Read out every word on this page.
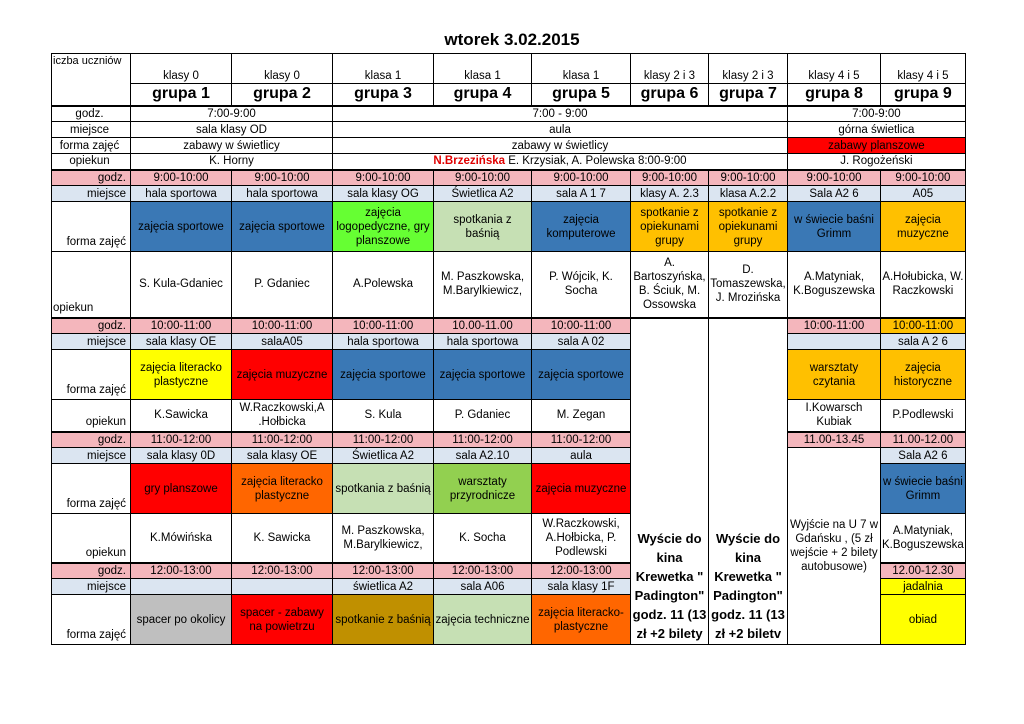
wtorek 3.02.2015
iczba uczniów	klasy 0	klasy 0	klasa 1	klasa 1	klasa 1	klasy 2 i 3	klasy 2 i 3	klasy 4 i 5	klasy 4 i 5

	grupa 1	grupa 2	grupa 3	grupa 4	grupa 5	grupa 6	grupa 7	grupa 8	grupa 9
godz.	7:00-9:00		7:00 - 9:00					7:00-9:00	
miejsce	sala klasy OD		aula					górna świetlica	
forma zajęć	zabawy w świetlicy		zabawy w świetlicy					zabawy planszowe	
opiekun	K. Horny		N.Brzezińska E. Krzysiak, A. Polewska 8:00-9:00					J. Rogożeński	
godz.	9:00-10:00	9:00-10:00	9:00-10:00	9:00-10:00	9:00-10:00	9:00-10:00	9:00-10:00	9:00-10:00	9:00-10:00
miejsce	hala sportowa	hala sportowa	sala klasy OG	Świetlica A2	sala A 1 7	klasy A. 2.3	klasa A.2.2	Sala A2 6	A05
forma zajęć	zajęcia sportowe	zajęcia sportowe	zajęcia logopedyczne, gry planszowe	spotkania z baśnią	zajęcia komputerowe	spotkanie z opiekunami grupy	spotkanie z opiekunami grupy	w świecie baśni Grimm	zajęcia muzyczne
opiekun	S. Kula-Gdaniec	P. Gdaniec	A.Polewska	M. Paszkowska, M.Barylkiewicz,	P. Wójcik, K. Socha	A. Bartoszyńska, B. Ściuk, M. Ossowska	D. Tomaszewska, J. Mrozińska	A.Matyniak, K.Boguszewska	A.Hołubicka, W. Raczkowski
godz.	10:00-11:00	10:00-11:00	10:00-11:00	10.00-11.00	10:00-11:00	Wyście do kina Krewetka " Padington" godz. 11 (13 zł +2 bilety	Wyście do kina Krewetka " Padington" godz. 11 (13 zł +2 biletv	10:00-11:00	10:00-11:00
miejsce	sala klasy OE	salaA05	hala sportowa	hala sportowa	sala A 02				sala A 2 6
forma zajęć	zajęcia literacko plastyczne	zajęcia muzyczne	zajęcia sportowe	zajęcia sportowe	zajęcia sportowe			warsztaty czytania	zajęcia historyczne
opiekun	K.Sawicka	W.Raczkowski,A .Hołbicka	S. Kula	P. Gdaniec	M. Zegan			I.Kowarsch Kubiak	P.Podlewski
godz.	11:00-12:00	11:00-12:00	11:00-12:00	11:00-12:00	11:00-12:00			11.00-13.45	11.00-12.00
miejsce	sala klasy 0D	sala klasy OE	Świetlica A2	sala A2.10	aula			Wyjście na U 7 w Gdańsku , (5 zł wejście + 2 bilety autobusowe)	Sala A2 6
forma zajęć	gry planszowe	zajęcia literacko plastyczne	spotkania z baśnią	warsztaty przyrodnicze	zajęcia muzyczne				w świecie baśni Grimm
opiekun	K.Mówińska	K. Sawicka	M. Paszkowska, M.Barylkiewicz,	K. Socha	W.Raczkowski, A.Hołbicka, P. Podlewski				A.Matyniak, K.Boguszewska
godz.	12:00-13:00	12:00-13:00	12:00-13:00	12:00-13:00	12:00-13:00				12.00-12.30
miejsce			świetlica A2	sala A06	sala klasy 1F				jadalnia
forma zajęć	spacer po okolicy	spacer - zabawy na powietrzu	spotkanie z baśnią	zajęcia techniczne	zajęcia literacko-plastyczne				obiad
